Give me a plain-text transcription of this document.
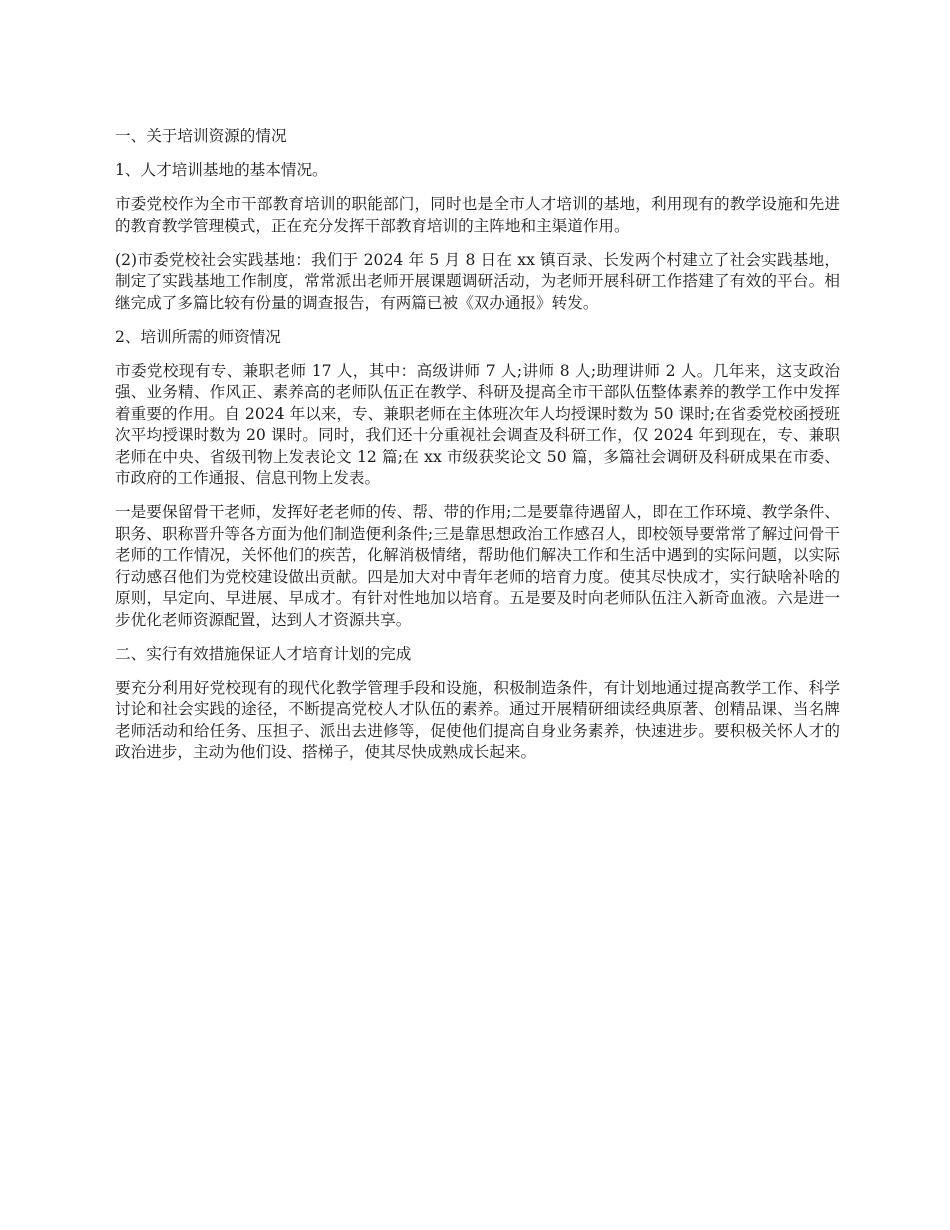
一、关于培训资源的情况

1、人才培训基地的基本情况。

市委党校作为全市干部教育培训的职能部门，同时也是全市人才培训的基地，利用现有的教学设施和先进的教育教学管理模式，正在充分发挥干部教育培训的主阵地和主渠道作用。

(2)市委党校社会实践基地：我们于 2024 年 5 月 8 日在 xx 镇百录、长发两个村建立了社会实践基地，制定了实践基地工作制度，常常派出老师开展课题调研活动，为老师开展科研工作搭建了有效的平台。相继完成了多篇比较有份量的调查报告，有两篇已被《双办通报》转发。

2、培训所需的师资情况

市委党校现有专、兼职老师 17 人，其中：高级讲师 7 人;讲师 8 人;助理讲师 2 人。几年来，这支政治强、业务精、作风正、素养高的老师队伍正在教学、科研及提高全市干部队伍整体素养的教学工作中发挥着重要的作用。自 2024 年以来，专、兼职老师在主体班次年人均授课时数为 50 课时;在省委党校函授班次平均授课时数为 20 课时。同时，我们还十分重视社会调查及科研工作，仅 2024 年到现在，专、兼职老师在中央、省级刊物上发表论文 12 篇;在 xx 市级获奖论文 50 篇，多篇社会调研及科研成果在市委、市政府的工作通报、信息刊物上发表。

一是要保留骨干老师，发挥好老老师的传、帮、带的作用;二是要靠待遇留人，即在工作环境、教学条件、职务、职称晋升等各方面为他们制造便利条件;三是靠思想政治工作感召人，即校领导要常常了解过问骨干老师的工作情况，关怀他们的疾苦，化解消极情绪，帮助他们解决工作和生活中遇到的实际问题，以实际行动感召他们为党校建设做出贡献。四是加大对中青年老师的培育力度。使其尽快成才，实行缺啥补啥的原则，早定向、早进展、早成才。有针对性地加以培育。五是要及时向老师队伍注入新奇血液。六是进一步优化老师资源配置，达到人才资源共享。

二、实行有效措施保证人才培育计划的完成

要充分利用好党校现有的现代化教学管理手段和设施，积极制造条件，有计划地通过提高教学工作、科学讨论和社会实践的途径，不断提高党校人才队伍的素养。通过开展精研细读经典原著、创精品课、当名牌老师活动和给任务、压担子、派出去进修等，促使他们提高自身业务素养，快速进步。要积极关怀人才的政治进步，主动为他们设、搭梯子，使其尽快成熟成长起来。
